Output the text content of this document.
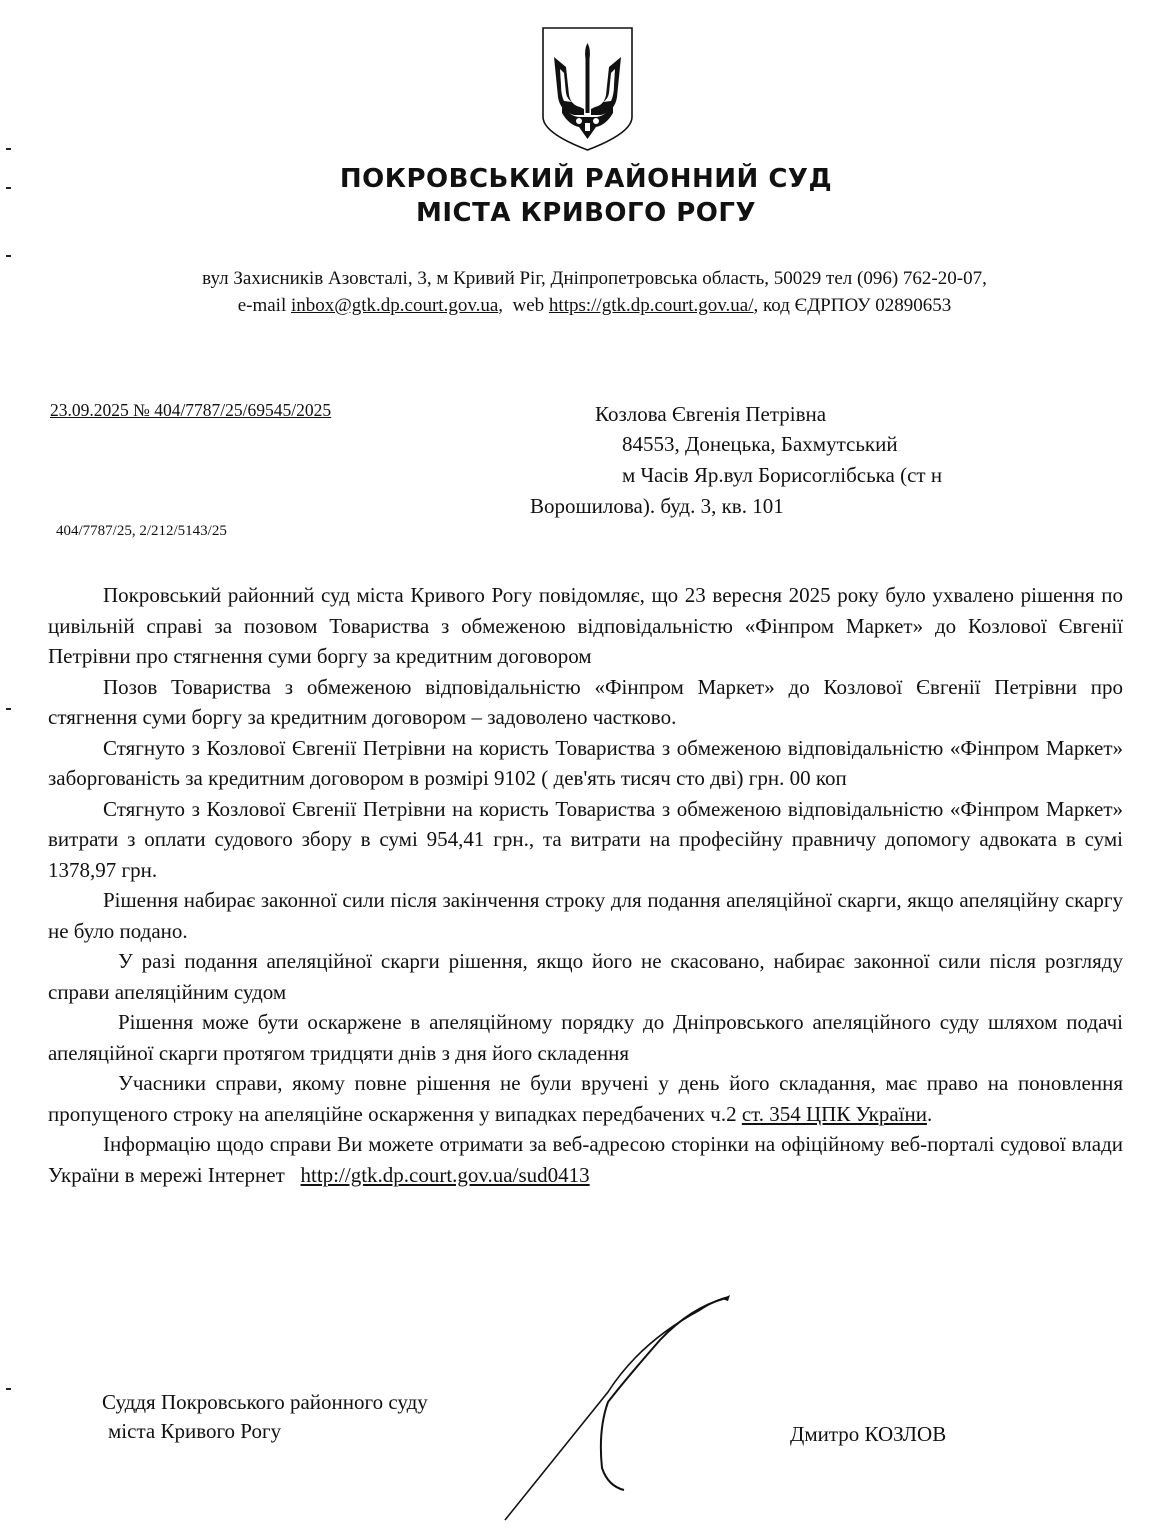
ПОКРОВСЬКИЙ РАЙОННИЙ СУД
МІСТА КРИВОГО РОГУ
вул Захисників Азовсталі, 3, м Кривий Ріг, Дніпропетровська область, 50029 тел (096) 762-20-07,
e-mail inbox@gtk.dp.court.gov.ua,  web https://gtk.dp.court.gov.ua/, код ЄДРПОУ 02890653
23.09.2025 № 404/7787/25/69545/2025
404/7787/25, 2/212/5143/25
Козлова Євгенія Петрівна
84553, Донецька, Бахмутський
м Часів Яр.вул Борисоглібська (ст н
Ворошилова). буд. 3, кв. 101

Покровський районний суд міста Кривого Рогу повідомляє, що 23 вересня 2025 року було ухвалено рішення по цивільній справі за позовом Товариства з обмеженою відповідальністю «Фінпром Маркет» до Козлової Євгенії Петрівни про стягнення суми боргу за кредитним договором

Позов Товариства з обмеженою відповідальністю «Фінпром Маркет» до Козлової Євгенії Петрівни про стягнення суми боргу за кредитним договором – задоволено частково.

Стягнуто з Козлової Євгенії Петрівни на користь Товариства з обмеженою відповідальністю «Фінпром Маркет» заборгованість за кредитним договором в розмірі 9102 ( дев'ять тисяч сто дві) грн. 00 коп

Стягнуто з Козлової Євгенії Петрівни на користь Товариства з обмеженою відповідальністю «Фінпром Маркет» витрати з оплати судового збору в сумі 954,41 грн., та витрати на професійну правничу допомогу адвоката в сумі 1378,97 грн.

Рішення набирає законної сили після закінчення строку для подання апеляційної скарги, якщо апеляційну скаргу не було подано.

У разі подання апеляційної скарги рішення, якщо його не скасовано, набирає законної сили після розгляду справи апеляційним судом

Рішення може бути оскаржене в апеляційному порядку до Дніпровського апеляційного суду шляхом подачі апеляційної скарги протягом тридцяти днів з дня його складення

Учасники справи, якому повне рішення не були вручені у день його складання, має право на поновлення пропущеного строку на апеляційне оскарження у випадках передбачених ч.2 ст. 354 ЦПК України.

Інформацію щодо справи Ви можете отримати за веб-адресою сторінки на офіційному веб-порталі судової влади України в мережі Інтернет http://gtk.dp.court.gov.ua/sud0413

Суддя Покровського районного суду
міста Кривого Рогу	Дмитро КОЗЛОВ
